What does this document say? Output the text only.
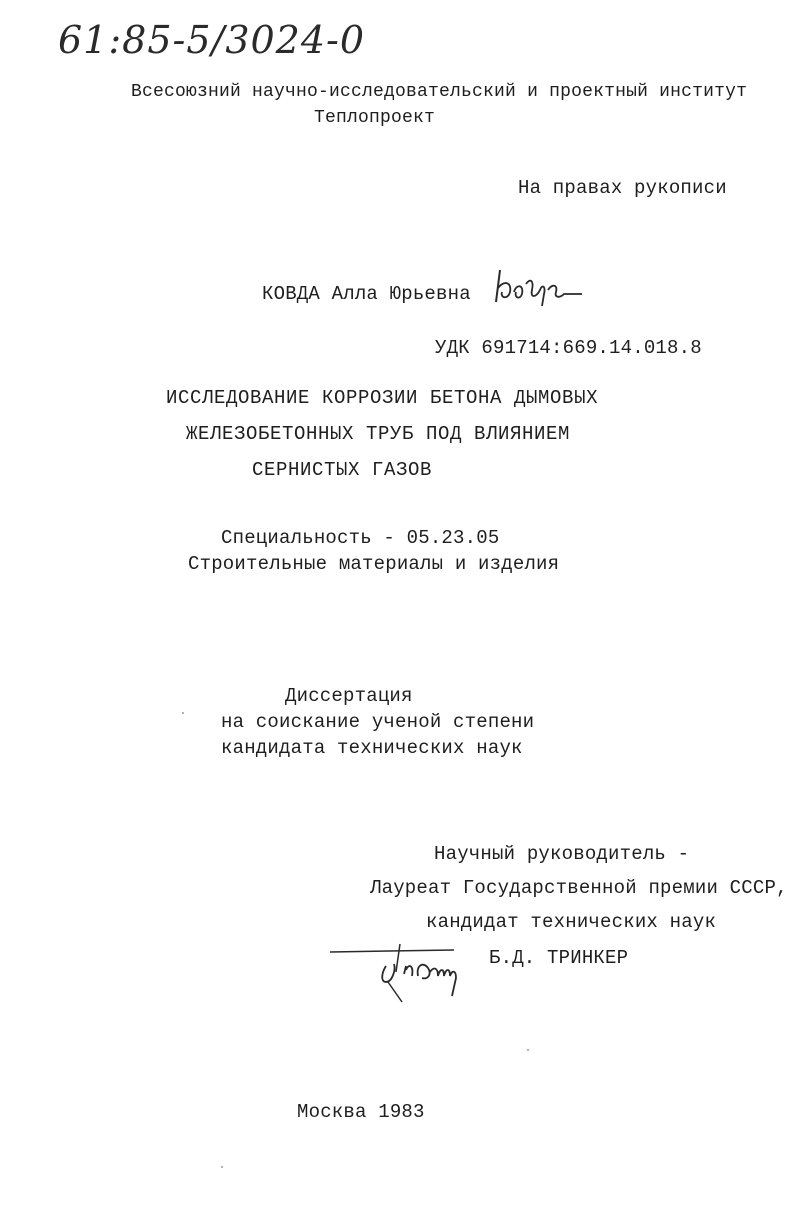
61:85-5/3024-0
Всесоюзний научно-исследовательский и проектный институт
Теплопроект
На правах рукописи
КОВДА Алла Юрьевна
УДК 691714:669.14.018.8
ИССЛЕДОВАНИЕ КОРРОЗИИ БЕТОНА ДЫМОВЫХ
ЖЕЛЕЗОБЕТОННЫХ ТРУБ ПОД ВЛИЯНИЕМ
СЕРНИСТЫХ ГАЗОВ
Специальность - 05.23.05
Строительные материалы и изделия
Диссертация
на соискание ученой степени
кандидата технических наук
Научный руководитель -
Лауреат Государственной премии СССР,
кандидат технических наук
Б.Д. ТРИНКЕР
Москва 1983
